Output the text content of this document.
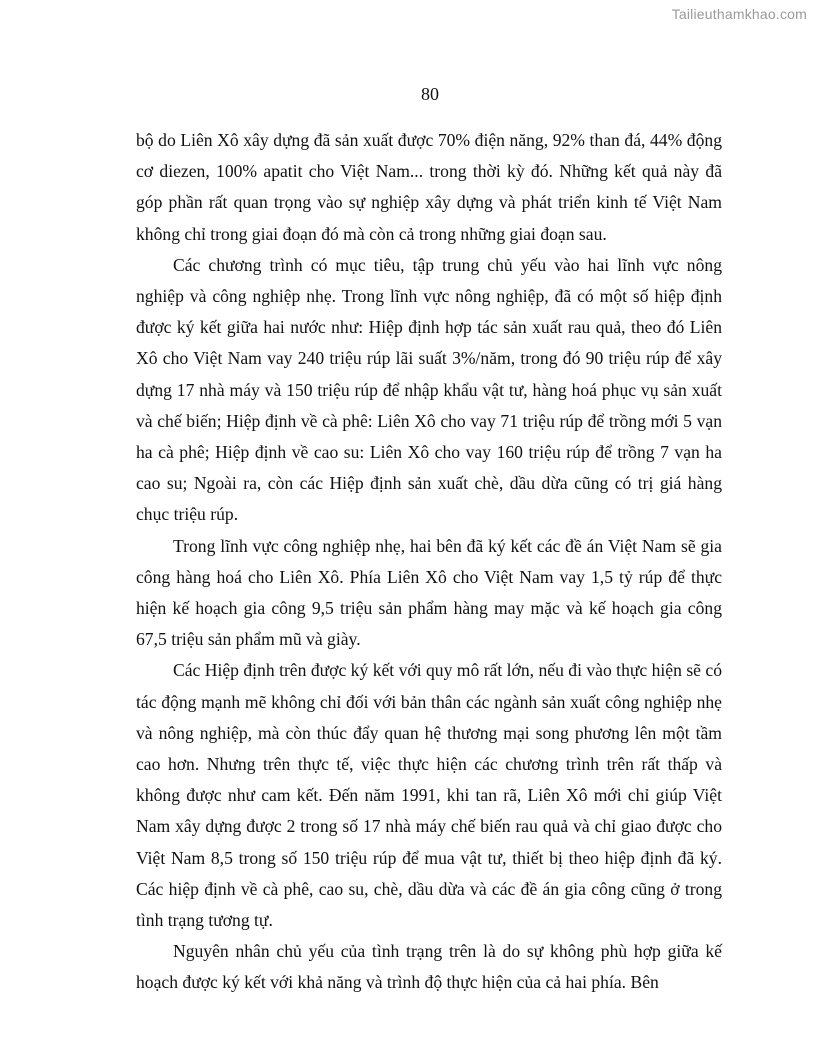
Tailieuthamkhao.com
80

bộ do Liên Xô xây dựng đã sản xuất được 70% điện năng, 92% than đá, 44% động cơ diezen, 100% apatit cho Việt Nam... trong thời kỳ đó. Những kết quả này đã góp phần rất quan trọng vào sự nghiệp xây dựng và phát triển kinh tế Việt Nam không chỉ trong giai đoạn đó mà còn cả trong những giai đoạn sau.

Các chương trình có mục tiêu, tập trung chủ yếu vào hai lĩnh vực nông nghiệp và công nghiệp nhẹ. Trong lĩnh vực nông nghiệp, đã có một số hiệp định được ký kết giữa hai nước như: Hiệp định hợp tác sản xuất rau quả, theo đó Liên Xô cho Việt Nam vay 240 triệu rúp lãi suất 3%/năm, trong đó 90 triệu rúp để xây dựng 17 nhà máy và 150 triệu rúp để nhập khẩu vật tư, hàng hoá phục vụ sản xuất và chế biến; Hiệp định về cà phê: Liên Xô cho vay 71 triệu rúp để trồng mới 5 vạn ha cà phê; Hiệp định về cao su: Liên Xô cho vay 160 triệu rúp để trồng 7 vạn ha cao su; Ngoài ra, còn các Hiệp định sản xuất chè, dầu dừa cũng có trị giá hàng chục triệu rúp.

Trong lĩnh vực công nghiệp nhẹ, hai bên đã ký kết các đề án Việt Nam sẽ gia công hàng hoá cho Liên Xô. Phía Liên Xô cho Việt Nam vay 1,5 tỷ rúp để thực hiện kế hoạch gia công 9,5 triệu sản phẩm hàng may mặc và kế hoạch gia công 67,5 triệu sản phẩm mũ và giày.

Các Hiệp định trên được ký kết với quy mô rất lớn, nếu đi vào thực hiện sẽ có tác động mạnh mẽ không chỉ đối với bản thân các ngành sản xuất công nghiệp nhẹ và nông nghiệp, mà còn thúc đẩy quan hệ thương mại song phương lên một tầm cao hơn. Nhưng trên thực tế, việc thực hiện các chương trình trên rất thấp và không được như cam kết. Đến năm 1991, khi tan rã, Liên Xô mới chỉ giúp Việt Nam xây dựng được 2 trong số 17 nhà máy chế biến rau quả và chỉ giao được cho Việt Nam 8,5 trong số 150 triệu rúp để mua vật tư, thiết bị theo hiệp định đã ký. Các hiệp định về cà phê, cao su, chè, dầu dừa và các đề án gia công cũng ở trong tình trạng tương tự.

Nguyên nhân chủ yếu của tình trạng trên là do sự không phù hợp giữa kế hoạch được ký kết với khả năng và trình độ thực hiện của cả hai phía. Bên
